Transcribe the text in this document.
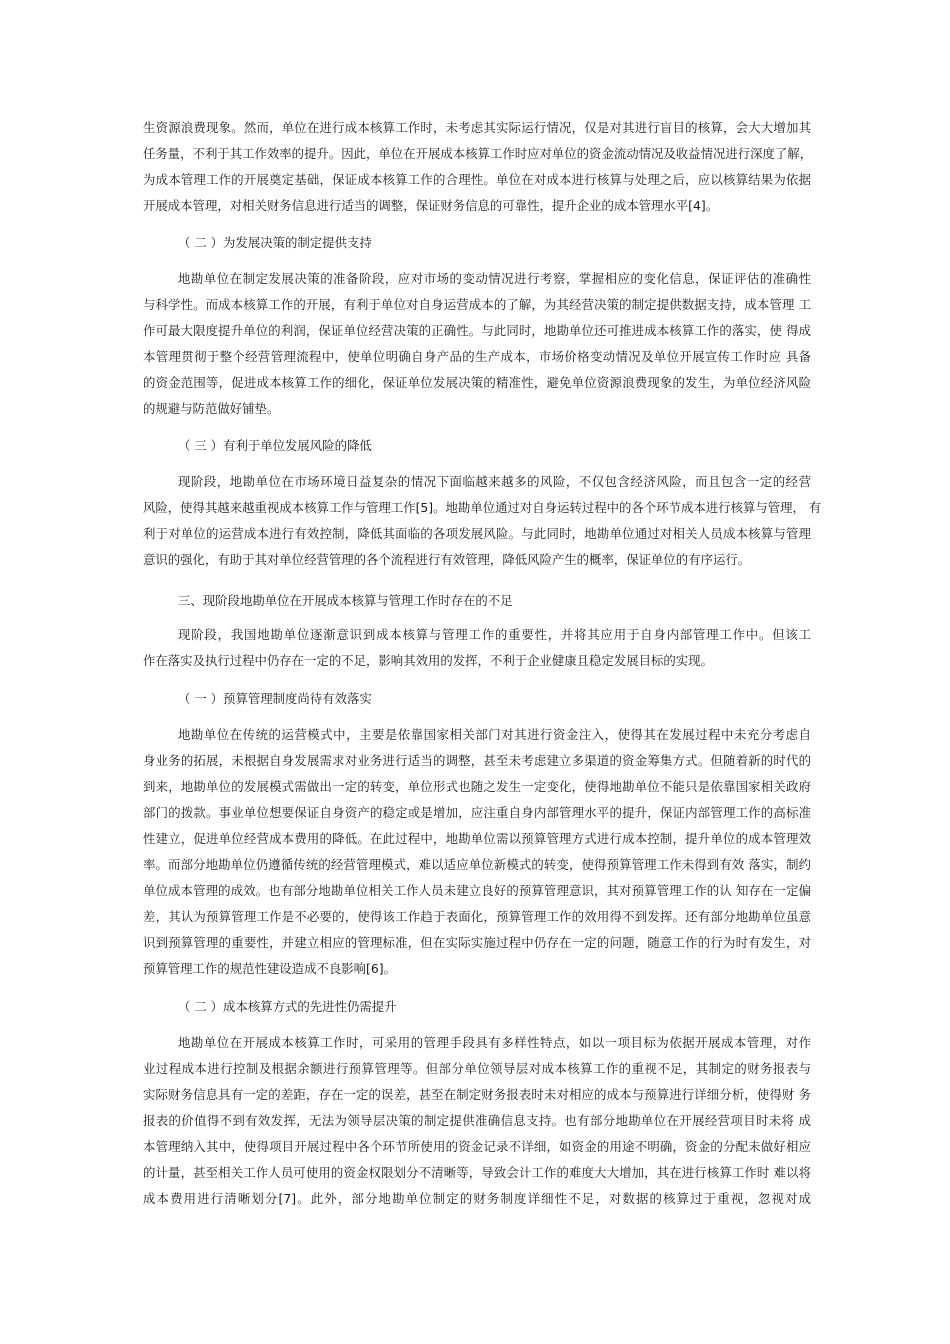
生资源浪费现象。然而，单位在进行成本核算工作时，未考虑其实际运行情况，仅是对其进行盲目的核算，会大大增加其

任务量，不利于其工作效率的提升。因此，单位在开展成本核算工作时应对单位的资金流动情况及收益情况进行深度了解，

为成本管理工作的开展奠定基础，保证成本核算工作的合理性。单位在对成本进行核算与处理之后，应以核算结果为依据

开展成本管理，对相关财务信息进行适当的调整，保证财务信息的可靠性，提升企业的成本管理水平[4]。

（ 二 ）为发展决策的制定提供支持

地勘单位在制定发展决策的准备阶段，应对市场的变动情况进行考察，掌握相应的变化信息，保证评估的准确性

与科学性。而成本核算工作的开展，有利于单位对自身运营成本的了解，为其经营决策的制定提供数据支持，成本管理 工

作可最大限度提升单位的利润，保证单位经营决策的正确性。与此同时，地勘单位还可推进成本核算工作的落实，使 得成

本管理贯彻于整个经营管理流程中，使单位明确自身产品的生产成本，市场价格变动情况及单位开展宣传工作时应 具备

的资金范围等，促进成本核算工作的细化，保证单位发展决策的精准性，避免单位资源浪费现象的发生，为单位经济风险

的规避与防范做好铺垫。

（ 三 ）有利于单位发展风险的降低

现阶段，地勘单位在市场环境日益复杂的情况下面临越来越多的风险，不仅包含经济风险，而且包含一定的经营

风险，使得其越来越重视成本核算工作与管理工作[5]。地勘单位通过对自身运转过程中的各个环节成本进行核算与管理， 有

利于对单位的运营成本进行有效控制，降低其面临的各项发展风险。与此同时，地勘单位通过对相关人员成本核算与管理

意识的强化，有助于其对单位经营管理的各个流程进行有效管理，降低风险产生的概率，保证单位的有序运行。

三、现阶段地勘单位在开展成本核算与管理工作时存在的不足

现阶段，我国地勘单位逐渐意识到成本核算与管理工作的重要性，并将其应用于自身内部管理工作中。但该工

作在落实及执行过程中仍存在一定的不足，影响其效用的发挥，不利于企业健康且稳定发展目标的实现。

（ 一 ）预算管理制度尚待有效落实

地勘单位在传统的运营模式中，主要是依靠国家相关部门对其进行资金注入，使得其在发展过程中未充分考虑自

身业务的拓展，未根据自身发展需求对业务进行适当的调整，甚至未考虑建立多渠道的资金筹集方式。但随着新的时代的

到来，地勘单位的发展模式需做出一定的转变，单位形式也随之发生一定变化，使得地勘单位不能只是依靠国家相关政府

部门的拨款。事业单位想要保证自身资产的稳定或是增加，应注重自身内部管理水平的提升，保证内部管理工作的高标准

性建立，促进单位经营成本费用的降低。在此过程中，地勘单位需以预算管理方式进行成本控制，提升单位的成本管理效

率。而部分地勘单位仍遵循传统的经营管理模式，难以适应单位新模式的转变，使得预算管理工作未得到有效 落实，制约

单位成本管理的成效。也有部分地勘单位相关工作人员未建立良好的预算管理意识，其对预算管理工作的认 知存在一定偏

差，其认为预算管理工作是不必要的，使得该工作趋于表面化，预算管理工作的效用得不到发挥。还有部分地勘单位虽意

识到预算管理的重要性，并建立相应的管理标准，但在实际实施过程中仍存在一定的问题，随意工作的行为时有发生，对

预算管理工作的规范性建设造成不良影响[6]。

（ 二 ）成本核算方式的先进性仍需提升

地勘单位在开展成本核算工作时，可采用的管理手段具有多样性特点，如以一项目标为依据开展成本管理，对作

业过程成本进行控制及根据余额进行预算管理等。但部分单位领导层对成本核算工作的重视不足，其制定的财务报表与

实际财务信息具有一定的差距，存在一定的误差，甚至在制定财务报表时未对相应的成本与预算进行详细分析，使得财 务

报表的价值得不到有效发挥，无法为领导层决策的制定提供准确信息支持。也有部分地勘单位在开展经营项目时未将 成

本管理纳入其中，使得项目开展过程中各个环节所使用的资金记录不详细，如资金的用途不明确，资金的分配未做好相应

的计量，甚至相关工作人员可使用的资金权限划分不清晰等，导致会计工作的难度大大增加，其在进行核算工作时 难以将

成本费用进行清晰划分[7]。此外，部分地勘单位制定的财务制度详细性不足，对数据的核算过于重视，忽视对成
